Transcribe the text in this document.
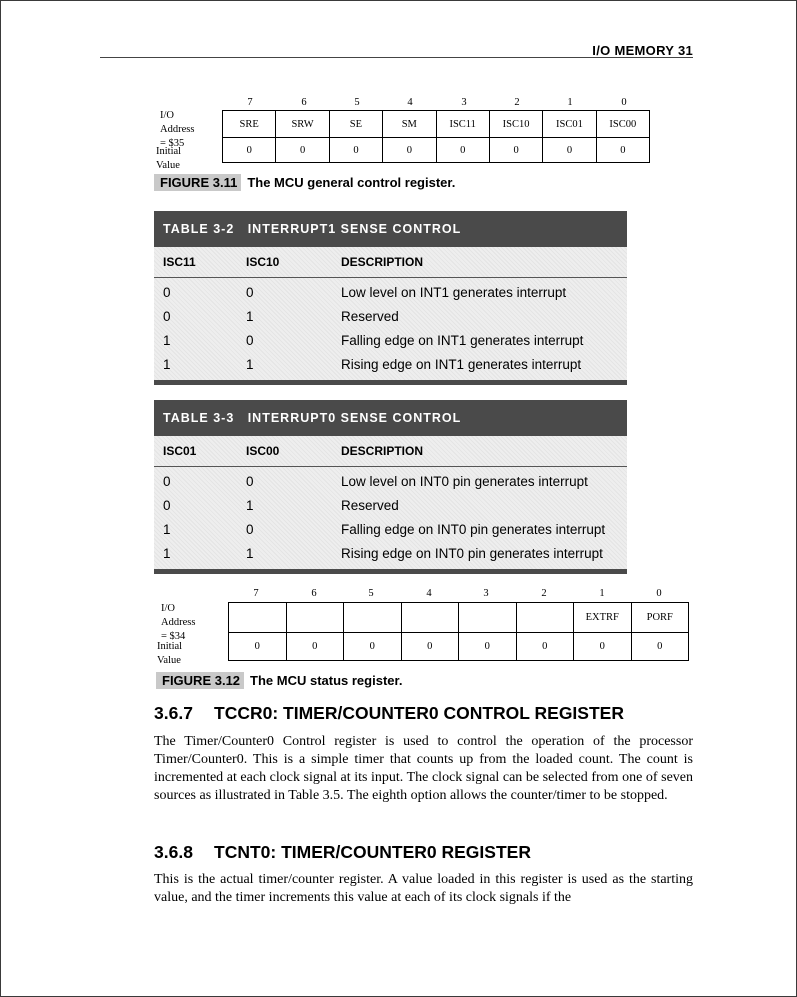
I/O MEMORY 31
7	6	5	4	3	2	1	0
I/O Address
= $35
Initial Value
SRE	SRW	SE	SM	ISC11	ISC10	ISC01	ISC00
0	0	0	0	0	0	0	0
FIGURE 3.11 The MCU general control register.
TABLE 3-2   INTERRUPT1 SENSE CONTROL
ISC11	ISC10	DESCRIPTION
0	0	Low level on INT1 generates interrupt
0	1	Reserved
1	0	Falling edge on INT1 generates interrupt
1	1	Rising edge on INT1 generates interrupt
TABLE 3-3   INTERRUPT0 SENSE CONTROL
ISC01	ISC00	DESCRIPTION
0	0	Low level on INT0 pin generates interrupt
0	1	Reserved
1	0	Falling edge on INT0 pin generates interrupt
1	1	Rising edge on INT0 pin generates interrupt
7	6	5	4	3	2	1	0
I/O Address
= $34
Initial Value
						EXTRF	PORF
0	0	0	0	0	0	0	0
FIGURE 3.12 The MCU status register.
3.6.7 TCCR0: TIMER/COUNTER0 CONTROL REGISTER

The Timer/Counter0 Control register is used to control the operation of the processor Timer/Counter0. This is a simple timer that counts up from the loaded count. The count is incremented at each clock signal at its input. The clock signal can be selected from one of seven sources as illustrated in Table 3.5. The eighth option allows the counter/timer to be stopped.

3.6.8 TCNT0: TIMER/COUNTER0 REGISTER

This is the actual timer/counter register. A value loaded in this register is used as the starting value, and the timer increments this value at each of its clock signals if the
